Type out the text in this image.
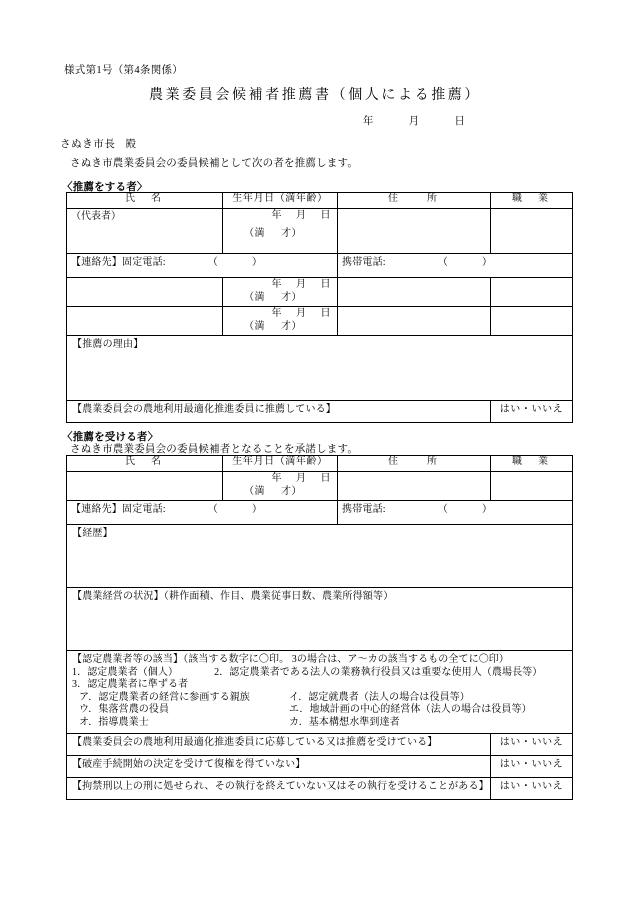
様式第1号（第4条関係）
農業委員会候補者推薦書（個人による推薦）
年	月	日
さぬき市長 殿
さぬき市農業委員会の委員候補として次の者を推薦します。
〈推薦をする者〉
氏　名	生年月日（満年齢）	住　　所	職　業
（代表者）	年 月 日
（満 才）		

【連絡先】固定電話: （ ）		携帯電話: （ ）	

	年 月 日
（満 才）		

	年 月 日
（満 才）		

【推薦の理由】			
【農業委員会の農地利用最適化推進委員に推薦している】			はい・いいえ
〈推薦を受ける者〉
さぬき市農業委員会の委員候補者となることを承諾します。
氏　名	生年月日（満年齢）	住　　所	職　業

	年 月 日
（満 才）		

【連絡先】固定電話: （ ）		携帯電話: （ ）	
【経歴】			
【農業経営の状況】（耕作面積、作目、農業従事日数、農業所得額等）			

【認定農業者等の該当】（該当する数字に〇印。 3の場合は、ア～カの該当するもの全てに〇印）
1．認定農業者（個人）	2．認定農業者である法人の業務執行役員又は重要な使用人（農場長等）
3．認定農業者に準ずる者
ア．認定農業者の経営に参画する親族	イ．認定就農者（法人の場合は役員等）
ウ．集落営農の役員	エ．地域計画の中心的経営体（法人の場合は役員等）
オ．指導農業士	カ．基本構想水準到達者

【農業委員会の農地利用最適化推進委員に応募している又は推薦を受けている】			はい・いいえ
【破産手続開始の決定を受けて復権を得ていない】			はい・いいえ
【拘禁刑以上の刑に処せられ、その執行を終えていない又はその執行を受けることがある】			はい・いいえ
